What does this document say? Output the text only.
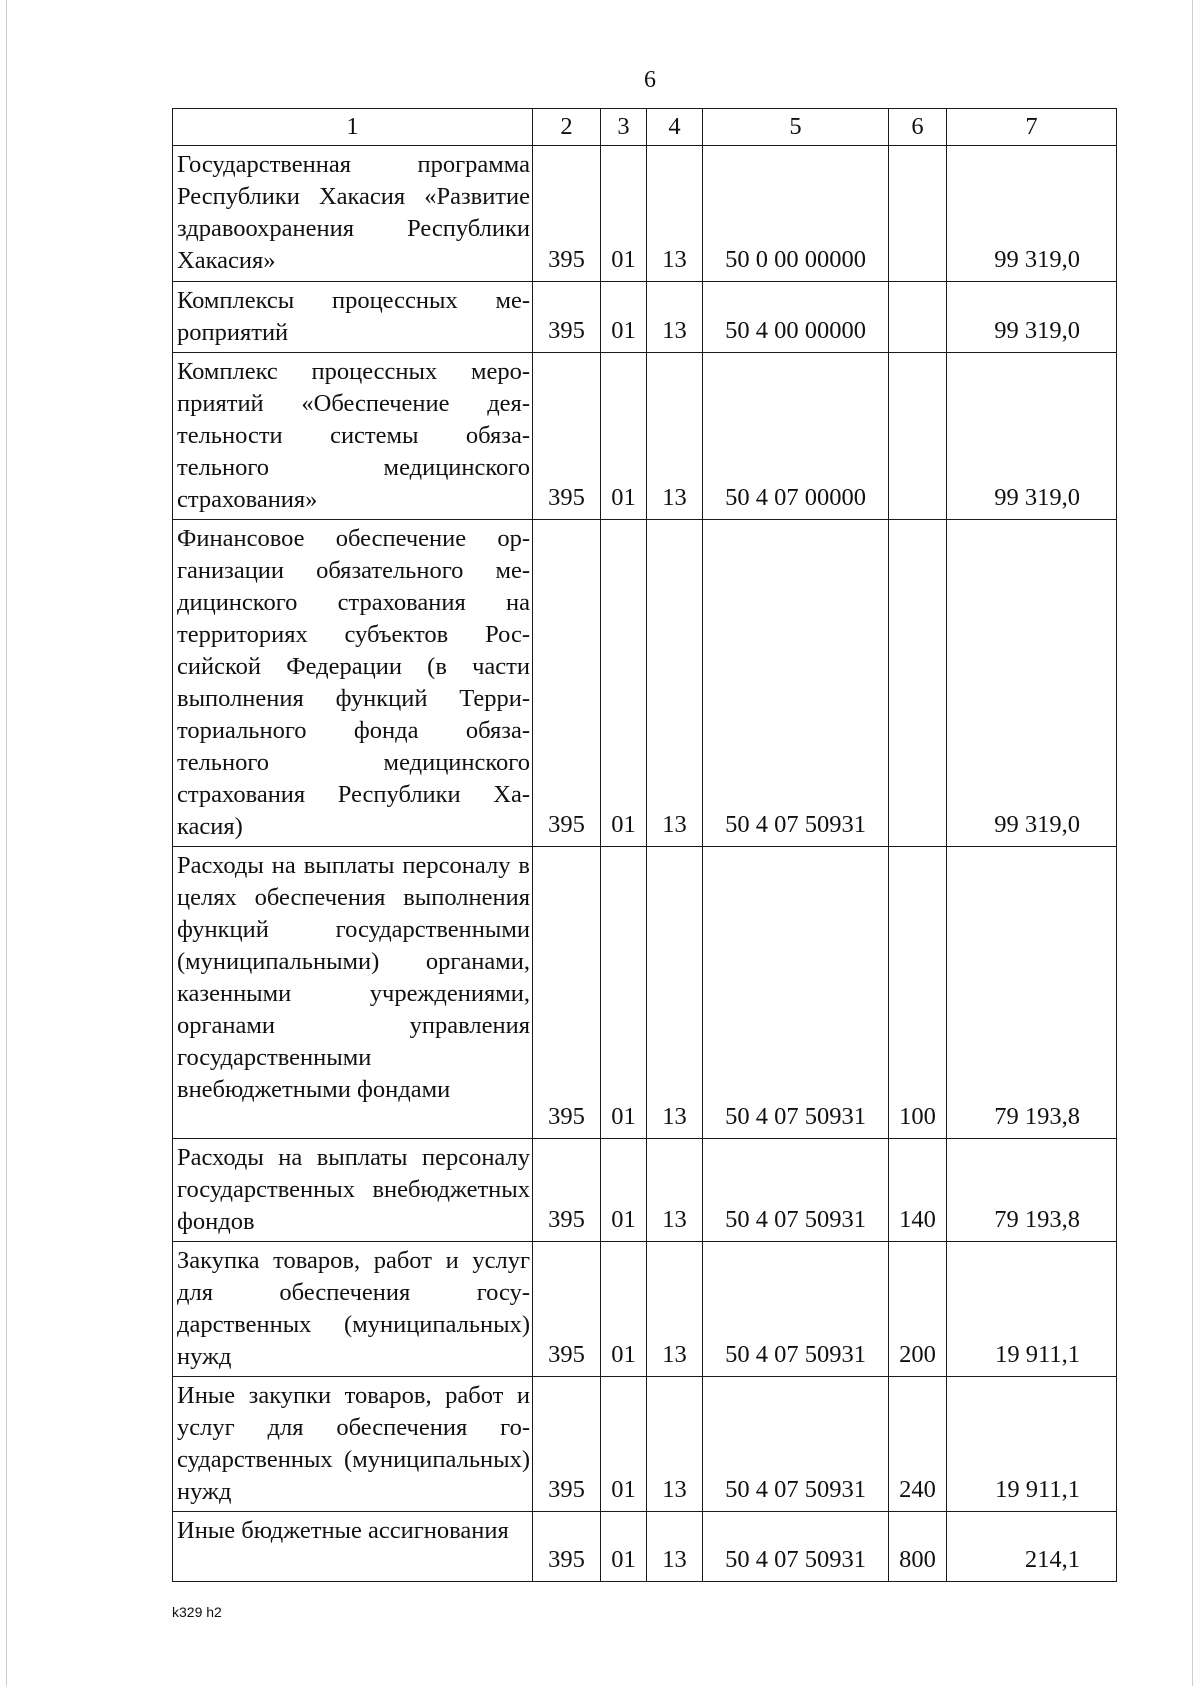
6
1	2	3	4	5	6	7
Государственная программа Республики Хакасия «Развитие здравоохранения Республики Хакасия»	395	01	13	50 0 00 00000		99 319,0
Комплексы процессных мероприятий	395	01	13	50 4 00 00000		99 319,0
Комплекс процессных мероприятий «Обеспечение деятельности системы обязательного медицинского страхования»	395	01	13	50 4 07 00000		99 319,0
Финансовое обеспечение организации обязательного медицинского страхования на территориях субъектов Российской Федерации (в части выполнения функций Территориального фонда обязательного медицинского страхования Республики Хакасия)	395	01	13	50 4 07 50931		99 319,0
Расходы на выплаты персоналу в целях обеспечения выполнения функций государственными (муниципальными) органами, казенными учреждениями, органами управления государственными внебюджетными фондами	395	01	13	50 4 07 50931	100	79 193,8
Расходы на выплаты персоналу государственных внебюджетных фондов	395	01	13	50 4 07 50931	140	79 193,8
Закупка товаров, работ и услуг для обеспечения государственных (муниципальных) нужд	395	01	13	50 4 07 50931	200	19 911,1
Иные закупки товаров, работ и услуг для обеспечения государственных (муниципальных) нужд	395	01	13	50 4 07 50931	240	19 911,1
Иные бюджетные ассигнования	395	01	13	50 4 07 50931	800	214,1
k329 h2
